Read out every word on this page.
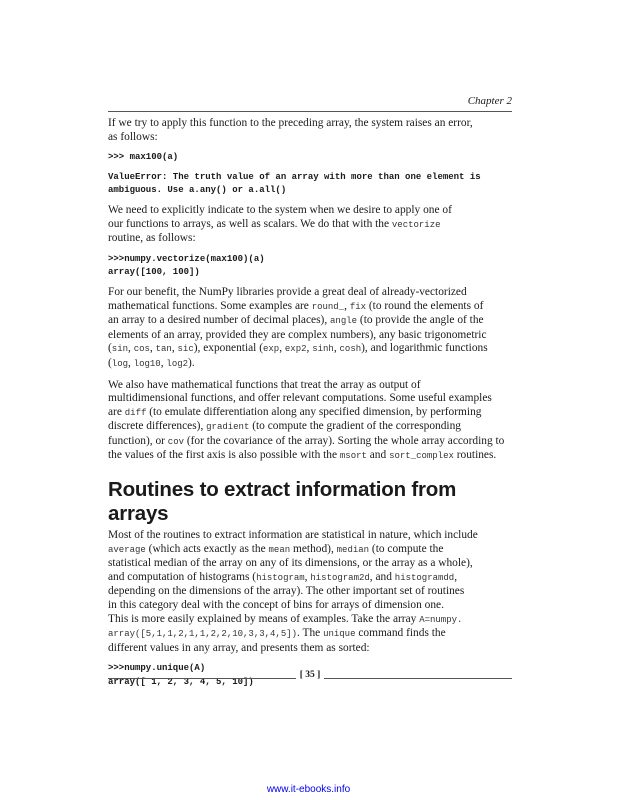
Chapter 2

If we try to apply this function to the preceding array, the system raises an error,
as follows:

>>> max100(a)
ValueError: The truth value of an array with more than one element is
ambiguous. Use a.any() or a.all()

We need to explicitly indicate to the system when we desire to apply one of
our functions to arrays, as well as scalars. We do that with the vectorize
routine, as follows:

>>>numpy.vectorize(max100)(a)
array([100, 100])

For our benefit, the NumPy libraries provide a great deal of already-vectorized
mathematical functions. Some examples are round_, fix (to round the elements of
an array to a desired number of decimal places), angle (to provide the angle of the
elements of an array, provided they are complex numbers), any basic trigonometric
(sin, cos, tan, sic), exponential (exp, exp2, sinh, cosh), and logarithmic functions
(log, log10, log2).

We also have mathematical functions that treat the array as output of
multidimensional functions, and offer relevant computations. Some useful examples
are diff (to emulate differentiation along any specified dimension, by performing
discrete differences), gradient (to compute the gradient of the corresponding
function), or cov (for the covariance of the array). Sorting the whole array according to
the values of the first axis is also possible with the msort and sort_complex routines.

Routines to extract information from arrays

Most of the routines to extract information are statistical in nature, which include
average (which acts exactly as the mean method), median (to compute the
statistical median of the array on any of its dimensions, or the array as a whole),
and computation of histograms (histogram, histogram2d, and histogramdd,
depending on the dimensions of the array). The other important set of routines
in this category deal with the concept of bins for arrays of dimension one.
This is more easily explained by means of examples. Take the array A=numpy.
array([5,1,1,2,1,1,2,2,10,3,3,4,5]). The unique command finds the
different values in any array, and presents them as sorted:

>>>numpy.unique(A)
array([ 1, 2, 3, 4, 5, 10])
[ 35 ]
www.it-ebooks.info
